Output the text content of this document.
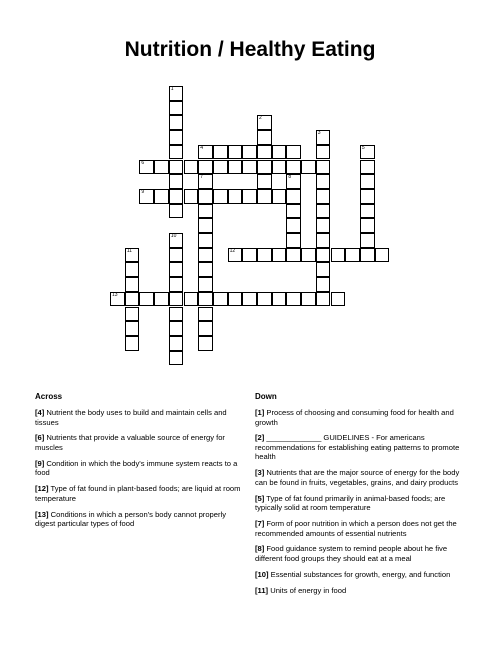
Nutrition / Healthy Eating
1
2
3
4	5
6
7	8
9
10
11	12
13
Across	Down
[4] Nutrient the body uses to build and maintain cells and tissues
[6] Nutrients that provide a valuable source of energy for muscles
[9] Condition in which the body's immune system reacts to a food
[12] Type of fat found in plant-based foods; are liquid at room temperature
[13] Conditions in which a person's body cannot properly digest particular types of food
[1] Process of choosing and consuming food for health and growth
[2] _____________ GUIDELINES - For americans recommendations for establishing eating patterns to promote health
[3] Nutrients that are the major source of energy for the body can be found in fruits, vegetables, grains, and dairy products
[5] Type of fat found primarily in animal-based foods; are typically solid at room temperature
[7] Form of poor nutrition in which a person does not get the recommended amounts of essential nutrients
[8] Food guidance system to remind people about he five different food groups they should eat at a meal
[10] Essential substances for growth, energy, and function
[11] Units of energy in food
